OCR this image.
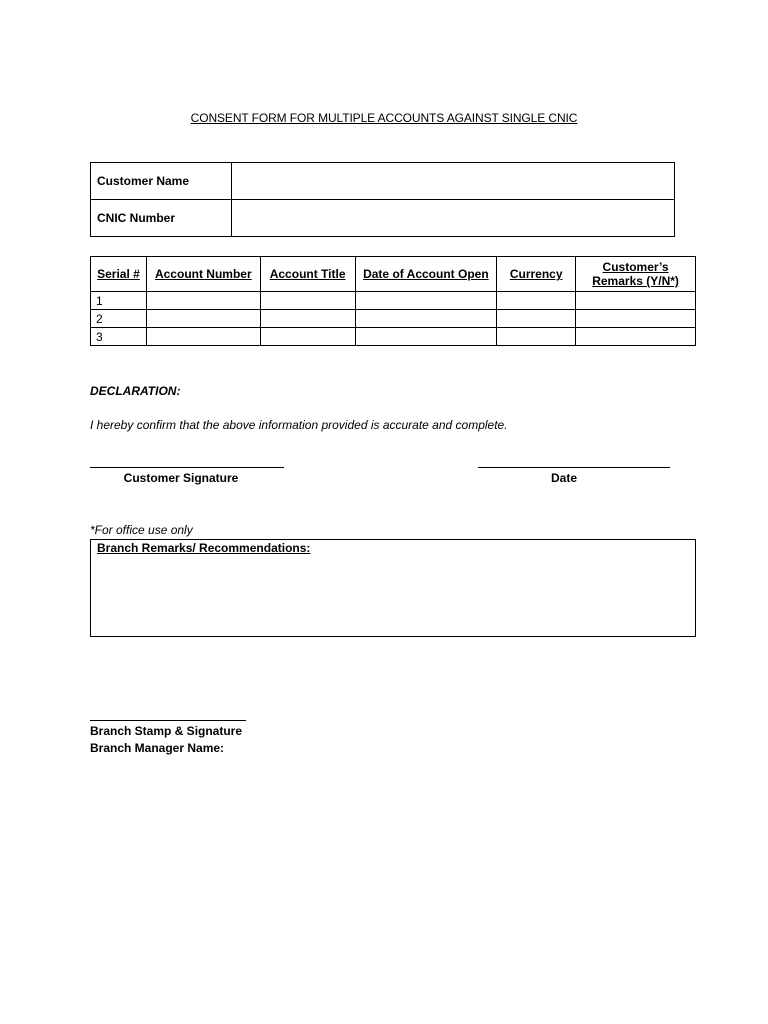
CONSENT FORM FOR MULTIPLE ACCOUNTS AGAINST SINGLE CNIC
Customer Name	
CNIC Number	
Serial #	Account Number	Account Title	Date of Account Open	Currency	Customer’s Remarks (Y/N*)
1					
2					
3					
DECLARATION:
I hereby confirm that the above information provided is accurate and complete.
Customer Signature	Date
*For office use only
Branch Remarks/ Recommendations:
Branch Stamp & Signature
Branch Manager Name:
